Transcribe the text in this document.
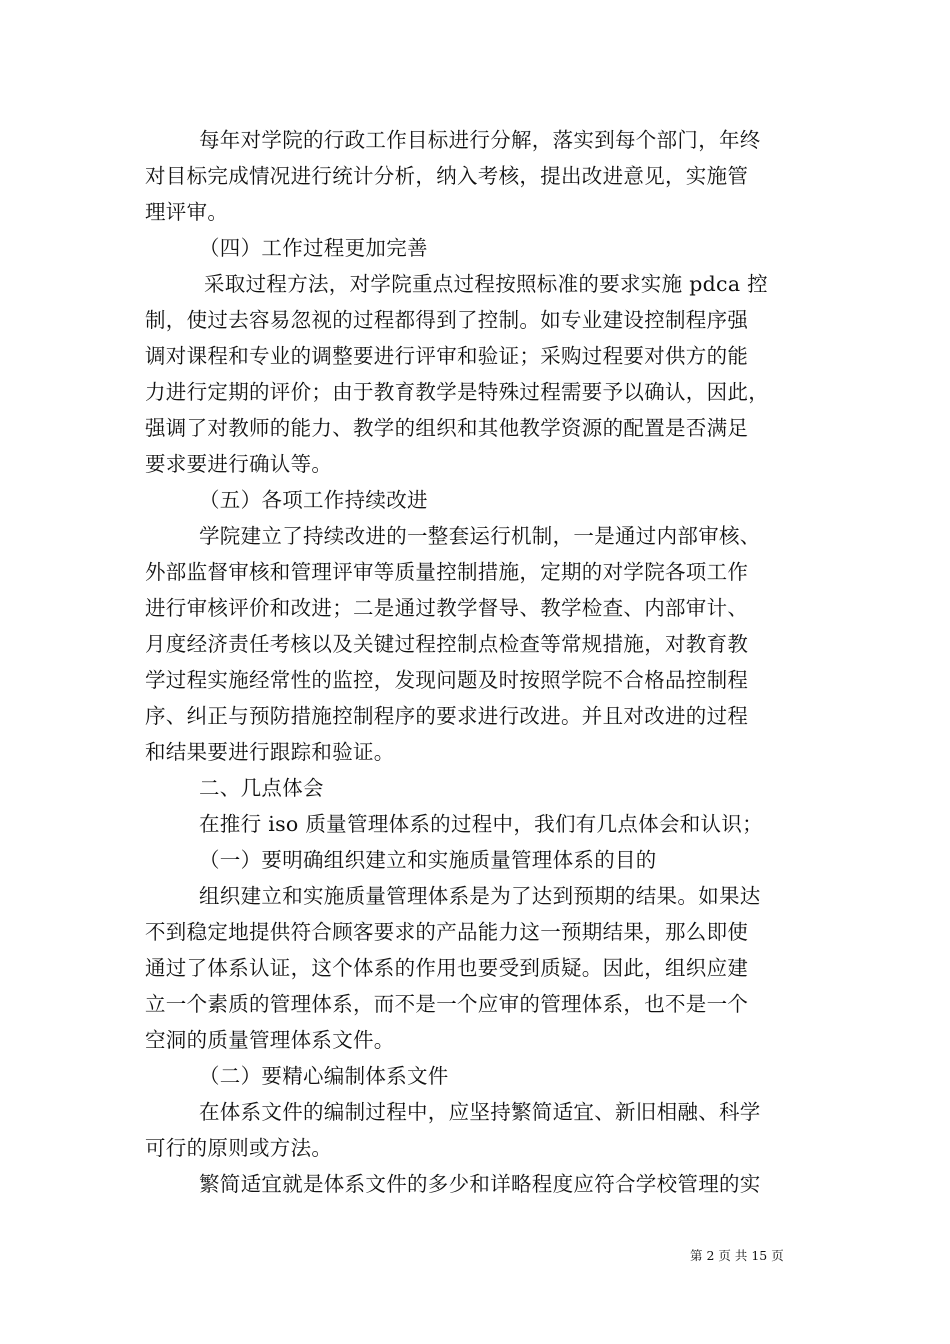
每年对学院的行政工作目标进行分解，落实到每个部门，年终
对目标完成情况进行统计分析，纳入考核，提出改进意见，实施管
理评审。
（四）工作过程更加完善
采取过程方法，对学院重点过程按照标准的要求实施 pdca 控
制，使过去容易忽视的过程都得到了控制。如专业建设控制程序强
调对课程和专业的调整要进行评审和验证；采购过程要对供方的能
力进行定期的评价；由于教育教学是特殊过程需要予以确认，因此，
强调了对教师的能力、教学的组织和其他教学资源的配置是否满足
要求要进行确认等。
（五）各项工作持续改进
学院建立了持续改进的一整套运行机制，一是通过内部审核、
外部监督审核和管理评审等质量控制措施，定期的对学院各项工作
进行审核评价和改进；二是通过教学督导、教学检查、内部审计、
月度经济责任考核以及关键过程控制点检查等常规措施，对教育教
学过程实施经常性的监控，发现问题及时按照学院不合格品控制程
序、纠正与预防措施控制程序的要求进行改进。并且对改进的过程
和结果要进行跟踪和验证。
二、几点体会
在推行 iso 质量管理体系的过程中，我们有几点体会和认识；
（一）要明确组织建立和实施质量管理体系的目的
组织建立和实施质量管理体系是为了达到预期的结果。如果达
不到稳定地提供符合顾客要求的产品能力这一预期结果，那么即使
通过了体系认证，这个体系的作用也要受到质疑。因此，组织应建
立一个素质的管理体系，而不是一个应审的管理体系，也不是一个
空洞的质量管理体系文件。
（二）要精心编制体系文件
在体系文件的编制过程中，应坚持繁简适宜、新旧相融、科学
可行的原则或方法。
繁简适宜就是体系文件的多少和详略程度应符合学校管理的实
第 2 页 共 15 页
